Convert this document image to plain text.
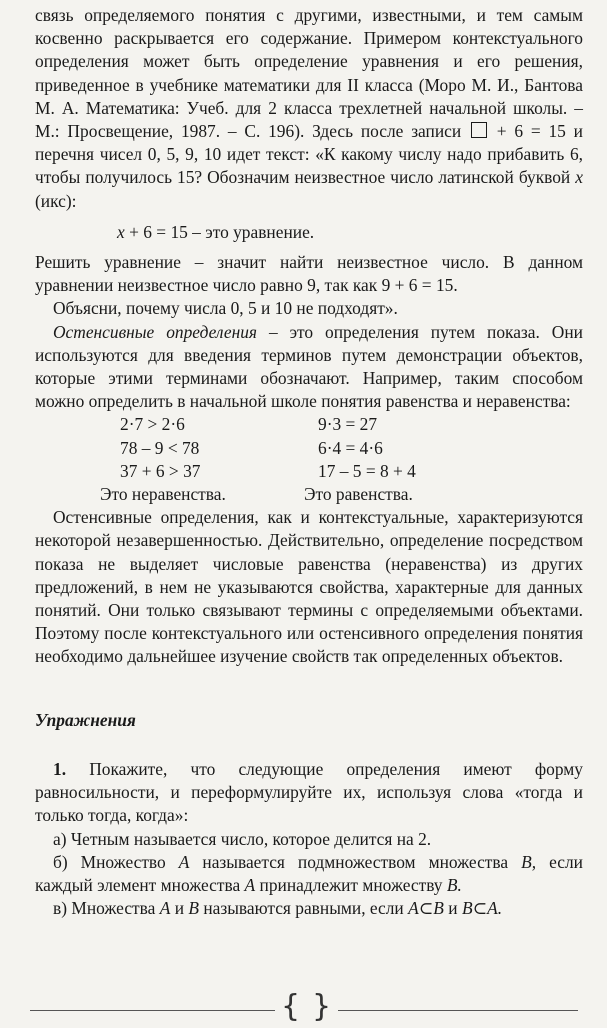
связь определяемого понятия с другими, известными, и тем самым косвенно раскрывается его содержание. Примером контекстуального определения может быть определение уравнения и его решения, приведенное в учебнике математики для II класса (Моро М. И., Бантова М. А. Математика: Учеб. для 2 класса трехлетней начальной школы. – М.: Просвещение, 1987. – С. 196). Здесь после записи + 6 = 15 и перечня чисел 0, 5, 9, 10 идет текст: «К какому числу надо прибавить 6, чтобы получилось 15? Обозначим неизвестное число латинской буквой x (икс):

x + 6 = 15 – это уравнение.

Решить уравнение – значит найти неизвестное число. В данном уравнении неизвестное число равно 9, так как 9 + 6 = 15.

Объясни, почему числа 0, 5 и 10 не подходят».

Остенсивные определения – это определения путем показа. Они используются для введения терминов путем демонстрации объектов, которые этими терминами обозначают. Например, таким способом можно определить в начальной школе понятия равенства и неравенства:

2·7 > 2·6	9·3 = 27
78 – 9 < 78	6·4 = 4·6
37 + 6 > 37	17 – 5 = 8 + 4
Это неравенства.	Это равенства.

Остенсивные определения, как и контекстуальные, характеризуются некоторой незавершенностью. Действительно, определение посредством показа не выделяет числовые равенства (неравенства) из других предложений, в нем не указываются свойства, характерные для данных понятий. Они только связывают термины с определяемыми объектами. Поэтому после контекстуального или остенсивного определения понятия необходимо дальнейшее изучение свойств так определенных объектов.

Упражнения

1. Покажите, что следующие определения имеют форму равносильности, и переформулируйте их, используя слова «тогда и только тогда, когда»:

а) Четным называется число, которое делится на 2.

б) Множество A называется подмножеством множества B, если каждый элемент множества A принадлежит множеству B.

в) Множества A и B называются равными, если A⊂B и B⊂A.

{ }
